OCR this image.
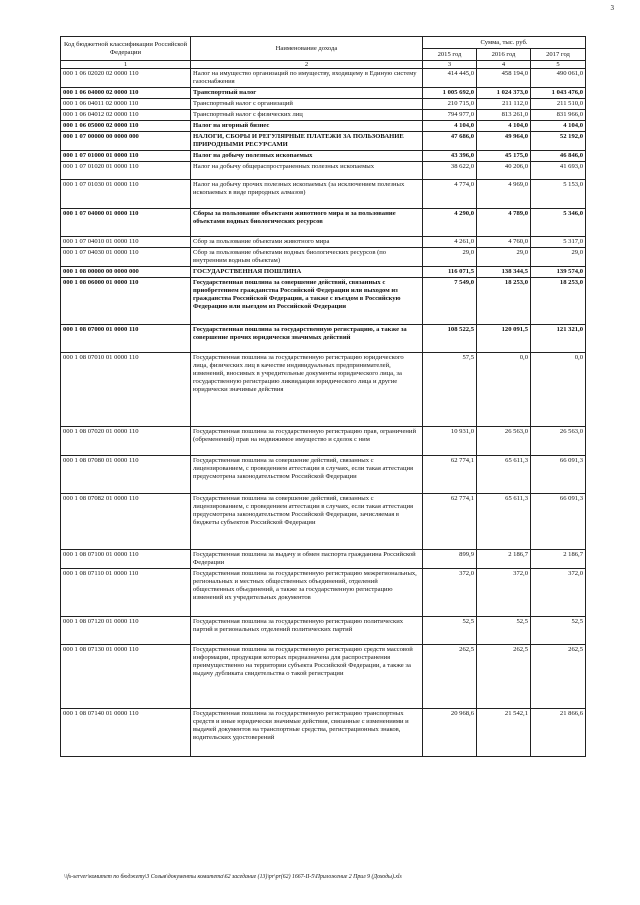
3
Код бюджетной классификации Российской Федерации	Наименование дохода	Сумма, тыс. руб.		
		2015 год	2016 год	2017 год
1	2	3	4	5
000 1 06 02020 02 0000 110	Налог на имущество организаций по имуществу, входящему в Единую систему газоснабжения	414 445,0	458 194,0	490 061,0
000 1 06 04000 02 0000 110	Транспортный налог	1 005 692,0	1 024 373,0	1 043 476,0
000 1 06 04011 02 0000 110	Транспортный налог с организаций	210 715,0	211 112,0	211 510,0
000 1 06 04012 02 0000 110	Транспортный налог с физических лиц	794 977,0	813 261,0	831 966,0
000 1 06 05000 02 0000 110	Налог на игорный бизнес	4 104,0	4 104,0	4 104,0
000 1 07 00000 00 0000 000	НАЛОГИ, СБОРЫ И РЕГУЛЯРНЫЕ ПЛАТЕЖИ ЗА ПОЛЬЗОВАНИЕ ПРИРОДНЫМИ РЕСУРСАМИ	47 686,0	49 964,0	52 192,0
000 1 07 01000 01 0000 110	Налог на добычу полезных ископаемых	43 396,0	45 175,0	46 846,0
000 1 07 01020 01 0000 110	Налог на добычу общераспространенных полезных ископаемых	38 622,0	40 206,0	41 693,0
000 1 07 01030 01 0000 110	Налог на добычу прочих полезных ископаемых (за исключением полезных ископаемых в виде природных алмазов)	4 774,0	4 969,0	5 153,0
000 1 07 04000 01 0000 110	Сборы за пользование объектами животного мира и за пользование объектами водных биологических ресурсов	4 290,0	4 789,0	5 346,0
000 1 07 04010 01 0000 110	Сбор за пользование объектами животного мира	4 261,0	4 760,0	5 317,0
000 1 07 04030 01 0000 110	Сбор за пользование объектами водных биологических ресурсов (по внутренним водным объектам)	29,0	29,0	29,0
000 1 08 00000 00 0000 000	ГОСУДАРСТВЕННАЯ ПОШЛИНА	116 071,5	138 344,5	139 574,0
000 1 08 06000 01 0000 110	Государственная пошлина за совершение действий, связанных с приобретением гражданства Российской Федерации или выходом из гражданства Российской Федерации, а также с въездом в Российскую Федерацию или выездом из Российской Федерации	7 549,0	18 253,0	18 253,0
000 1 08 07000 01 0000 110	Государственная пошлина за государственную регистрацию, а также за совершение прочих юридически значимых действий	108 522,5	120 091,5	121 321,0
000 1 08 07010 01 0000 110	Государственная пошлина за государственную регистрацию юридического лица, физических лиц в качестве индивидуальных предпринимателей, изменений, вносимых в учредительные документы юридического лица, за государственную регистрацию ликвидации юридического лица и другие юридически значимые действия	57,5	0,0	0,0
000 1 08 07020 01 0000 110	Государственная пошлина за государственную регистрацию прав, ограничений (обременений) прав на недвижимое имущество и сделок с ним	10 931,0	26 563,0	26 563,0
000 1 08 07080 01 0000 110	Государственная пошлина за совершение действий, связанных с лицензированием, с проведением аттестации в случаях, если такая аттестация предусмотрена законодательством Российской Федерации	62 774,1	65 611,3	66 091,3
000 1 08 07082 01 0000 110	Государственная пошлина за совершение действий, связанных с лицензированием, с проведением аттестации в случаях, если такая аттестация предусмотрена законодательством Российской Федерации, зачисляемая в бюджеты субъектов Российской Федерации	62 774,1	65 611,3	66 091,3
000 1 08 07100 01 0000 110	Государственная пошлина за выдачу и обмен паспорта гражданина Российской Федерации	899,9	2 186,7	2 186,7
000 1 08 07110 01 0000 110	Государственная пошлина за государственную регистрацию межрегиональных, региональных и местных общественных объединений, отделений общественных объединений, а также за государственную регистрацию изменений их учредительных документов	372,0	372,0	372,0
000 1 08 07120 01 0000 110	Государственная пошлина за государственную регистрацию политических партий и региональных отделений политических партий	52,5	52,5	52,5
000 1 08 07130 01 0000 110	Государственная пошлина за государственную регистрацию средств массовой информации, продукция которых предназначена для распространения преимущественно на территории субъекта Российской Федерации, а также за выдачу дубликата свидетельства о такой регистрации	262,5	262,5	262,5
000 1 08 07140 01 0000 110	Государственная пошлина за государственную регистрацию транспортных средств и иные юридически значимые действия, связанные с изменениями и выдачей документов на транспортные средства, регистрационных знаков, водительских удостоверений	20 968,6	21 542,1	21 866,6
\\fs-server\комитет по бюджету\3 Созыв\документы комитета\62 заседание (13)\pr\pr(62) 1667-II-5\Приложение 2 Прил 9 (Доходы).xls
